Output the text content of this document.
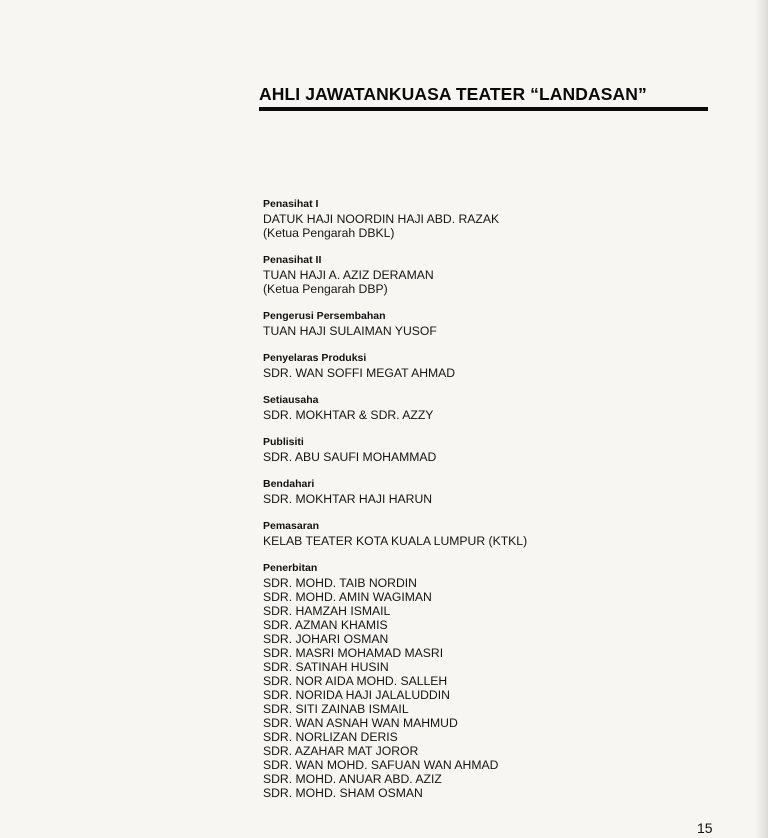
AHLI JAWATANKUASA TEATER “LANDASAN”
Penasihat I
DATUK HAJI NOORDIN HAJI ABD. RAZAK
(Ketua Pengarah DBKL)
Penasihat II
TUAN HAJI A. AZIZ DERAMAN
(Ketua Pengarah DBP)
Pengerusi Persembahan
TUAN HAJI SULAIMAN YUSOF
Penyelaras Produksi
SDR. WAN SOFFI MEGAT AHMAD
Setiausaha
SDR. MOKHTAR & SDR. AZZY
Publisiti
SDR. ABU SAUFI MOHAMMAD
Bendahari
SDR. MOKHTAR HAJI HARUN
Pemasaran
KELAB TEATER KOTA KUALA LUMPUR (KTKL)
Penerbitan
SDR. MOHD. TAIB NORDIN
SDR. MOHD. AMIN WAGIMAN
SDR. HAMZAH ISMAIL
SDR. AZMAN KHAMIS
SDR. JOHARI OSMAN
SDR. MASRI MOHAMAD MASRI
SDR. SATINAH HUSIN
SDR. NOR AIDA MOHD. SALLEH
SDR. NORIDA HAJI JALALUDDIN
SDR. SITI ZAINAB ISMAIL
SDR. WAN ASNAH WAN MAHMUD
SDR. NORLIZAN DERIS
SDR. AZAHAR MAT JOROR
SDR. WAN MOHD. SAFUAN WAN AHMAD
SDR. MOHD. ANUAR ABD. AZIZ
SDR. MOHD. SHAM OSMAN
15
